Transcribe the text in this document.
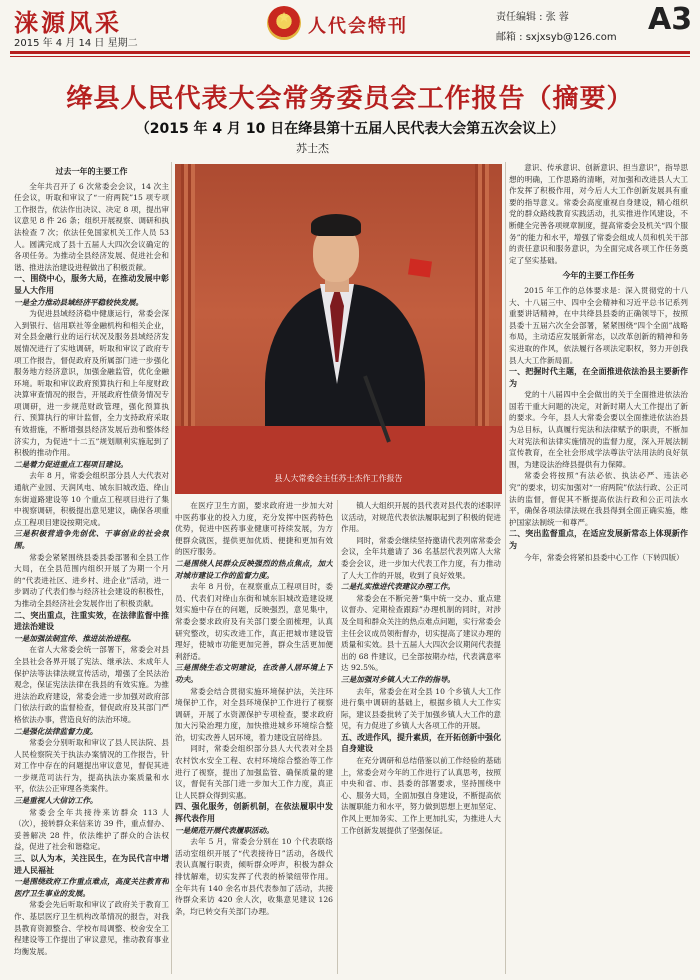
涞源风采
2015 年 4 月 14 日 星期二
★ 人代会特刊	责任编辑 : 张 蓉
邮箱 : sxjxsyb@126.com
A3
绛县人民代表大会常务委员会工作报告（摘要）
（2015 年 4 月 10 日在绛县第十五届人民代表大会第五次会议上）
苏士杰

过去一年的主要工作

全年共召开了 6 次常委会会议，14 次主任会议，听取和审议了“一府两院”15 项专项工作报告，依法作出决议、决定 8 项，提出审议意见 8 件 26 条；组织开展视察、调研和执法检查 7 次；依法任免国家机关工作人员 53 人。圆满完成了县十五届人大四次会议确定的各项任务。为推动全县经济发展、促进社会和谐、推进法治建设进程做出了积极贡献。

一、围绕中心，服务大局，在推动发展中彰显人大作用

一是全力推动县域经济平稳较快发展。

为促进县域经济稳中健康运行，常委会深入到银行、信用联社等金融机构和相关企业，对全县金融行业的运行状况及服务县域经济发展情况进行了实地调研，听取和审议了政府专项工作报告，督促政府及所属部门进一步强化服务地方经济意识，加强金融监管，优化金融环境。听取和审议政府预算执行和上年度财政决算审查情况的报告，开展政府性债务情况专项调研，进一步规范财政管理，强化预算执行、预算执行的审计监督，全力支持政府采取有效措施，不断增强县经济发展后劲和整体经济实力，为促进“十二五”规划顺利实施起到了积极的推动作用。

二是着力促进重点工程项目建设。

去年 8 月，常委会组织部分县人大代表对通航产业园、天润风电、城东旧城改造、绛山东街道路建设等 10 个重点工程项目进行了集中视察调研，积极提出意见建议，确保各项重点工程项目建设按期完成。

三是积极营造争先创优、干事创业的社会氛围。

常委会紧紧围绕县委县委部署和全县工作大局，在全县范围内组织开展了为期一个月的“代表进社区、进乡村、进企业”活动，进一步调动了代表们参与经济社会建设的积极性，为推动全县经济社会发展作出了积极贡献。

二、突出重点，注重实效，在法律监督中推进法治建设

一是加强法制宣传、推进法治进程。

在省人大常委会统一部署下，常委会对县全县社会各界开展了宪法、继承法、未成年人保护法等法律法规宣传活动，增强了全民法治观念，保证宪法法律在我县的有效实施。为推进法治政府建设，常委会进一步加强对政府部门依法行政的监督检查，督促政府及其部门严格依法办事，营造良好的法治环境。

二是强化法律监督力度。

常委会分别听取和审议了县人民法院、县人民检察院关于执法办案情况的工作报告，针对工作中存在的问题提出审议意见，督促其进一步规范司法行为，提高执法办案质量和水平，依法公正审理各类案件。

三是重视人大信访工作。

常委会全年共接待来访群众 113 人（次），接转群众来信来访 39 件，重点督办、妥善解决 28 件，依法维护了群众的合法权益，促进了社会和谐稳定。

三、以人为本，关注民生，在为民代言中增进人民福祉

一是围绕政府工作重点难点，高度关注教育和医疗卫生事业的发展。

常委会先后听取和审议了政府关于教育工作、基层医疗卫生机构改革情况的报告，对我县教育资源整合、学校布局调整、校舍安全工程建设等工作提出了审议意见，推动教育事业均衡发展。

在医疗卫生方面，要求政府进一步加大对中医药事业的投入力度，充分发挥中医药特色优势，促进中医药事业健康可持续发展，为方便群众就医，提供更加优质、便捷和更加有效的医疗服务。

二是围绕人民群众反映强烈的热点焦点，加大对城市建设工作的监督力度。

去年 8 月份，在视察重点工程项目时，委员、代表们对绛山东街和城东旧城改造建设规划实施中存在的问题，反映强烈，意见集中，常委会要求政府及有关部门要全面梳理，认真研究整改，切实改进工作，真正把城市建设管理好，使城市功能更加完善，群众生活更加便利舒适。

三是围绕生态文明建设，在改善人居环境上下功夫。

常委会结合贯彻实施环境保护法，关注环境保护工作，对全县环境保护工作进行了视察调研，开展了水资源保护专项检查，要求政府加大污染治理力度，加快推进城乡环境综合整治，切实改善人居环境，着力建设宜居绛县。

同时，常委会组织部分县人大代表对全县农村饮水安全工程、农村环境综合整治等工作进行了视察，提出了加强监管、确保质量的建议，督促有关部门进一步加大工作力度，真正让人民群众得到实惠。

四、强化服务，创新机制，在依法履职中发挥代表作用

一是规范开展代表履职活动。

去年 5 月，常委会分别在 10 个代表联络活动室组织开展了“代表接待日”活动，各级代表认真履行职责，倾听群众呼声，积极为群众排忧解难，切实发挥了代表的桥梁纽带作用。全年共有 140 余名市县代表参加了活动，共接待群众来访 420 余人次，收集意见建议 126 条，均已转交有关部门办理。

镇人大组织开展的县代表对县代表的述职评议活动，对规范代表依法履职起到了积极的促进作用。

同时，常委会继续坚持邀请代表列席常委会会议，全年共邀请了 36 名基层代表列席人大常委会会议，进一步加大代表工作力度，有力推动了人大工作的开展，收到了良好效果。

二是扎实推进代表建议办理工作。

常委会在不断完善“集中统一交办、重点建议督办、定期检查跟踪”办理机制的同时，对涉及全局和群众关注的热点难点问题，实行常委会主任会议成员领衔督办，切实提高了建议办理的质量和实效。县十五届人大四次会议期间代表提出的 68 件建议，已全部按期办结，代表满意率达 92.5%。

三是加强对乡镇人大工作的指导。

去年，常委会在对全县 10 个乡镇人大工作进行集中调研的基础上，根据乡镇人大工作实际，建议县委批转了关于加强乡镇人大工作的意见，有力促进了乡镇人大各项工作的开展。

五、改进作风，提升素质，在开拓创新中强化自身建设

在充分调研和总结借鉴以前工作经验的基础上，常委会对今年的工作进行了认真思考，按照中央和省、市、县委的部署要求，坚持围绕中心、服务大局，全面加强自身建设，不断提高依法履职能力和水平，努力做到思想上更加坚定、作风上更加务实、工作上更加扎实，为推进人大工作创新发展提供了坚强保证。

意识、传承意识、创新意识、担当意识”，指导思想的明确，工作思路的清晰，对加强和改进县人大工作发挥了积极作用，对今后人大工作创新发展具有重要的指导意义。常委会高度重视自身建设，精心组织党的群众路线教育实践活动，扎实推进作风建设，不断健全完善各项规章制度，提高常委会及机关“四个服务”的能力和水平，增强了常委会组成人员和机关干部的责任意识和服务意识，为全面完成各项工作任务奠定了坚实基础。

今年的主要工作任务

2015 年工作的总体要求是：深入贯彻党的十八大、十八届三中、四中全会精神和习近平总书记系列重要讲话精神，在中共绛县县委的正确领导下，按照县委十五届六次全会部署，紧紧围绕“四个全面”战略布局，主动适应发展新常态，以改革创新的精神和务实进取的作风，依法履行各项法定职权，努力开创我县人大工作新局面。

一、把握时代主题，在全面推进依法治县主要新作为

党的十八届四中全会做出的关于全面推进依法治国若干重大问题的决定，对新时期人大工作提出了新的要求。今年，县人大常委会要以全面推进依法治县为总目标，认真履行宪法和法律赋予的职责，不断加大对宪法和法律实施情况的监督力度，深入开展法制宣传教育，在全社会形成学法尊法守法用法的良好氛围，为建设法治绛县提供有力保障。

常委会将按照“有法必依、执法必严、违法必究”的要求，切实加强对“一府两院”依法行政、公正司法的监督，督促其不断提高依法行政和公正司法水平，确保各项法律法规在我县得到全面正确实施，维护国家法制统一和尊严。

二、突出监督重点，在适应发展新常态上体现新作为

今年，常委会将紧扣县委中心工作（下转四版）

县人大常委会主任苏士杰作工作报告
